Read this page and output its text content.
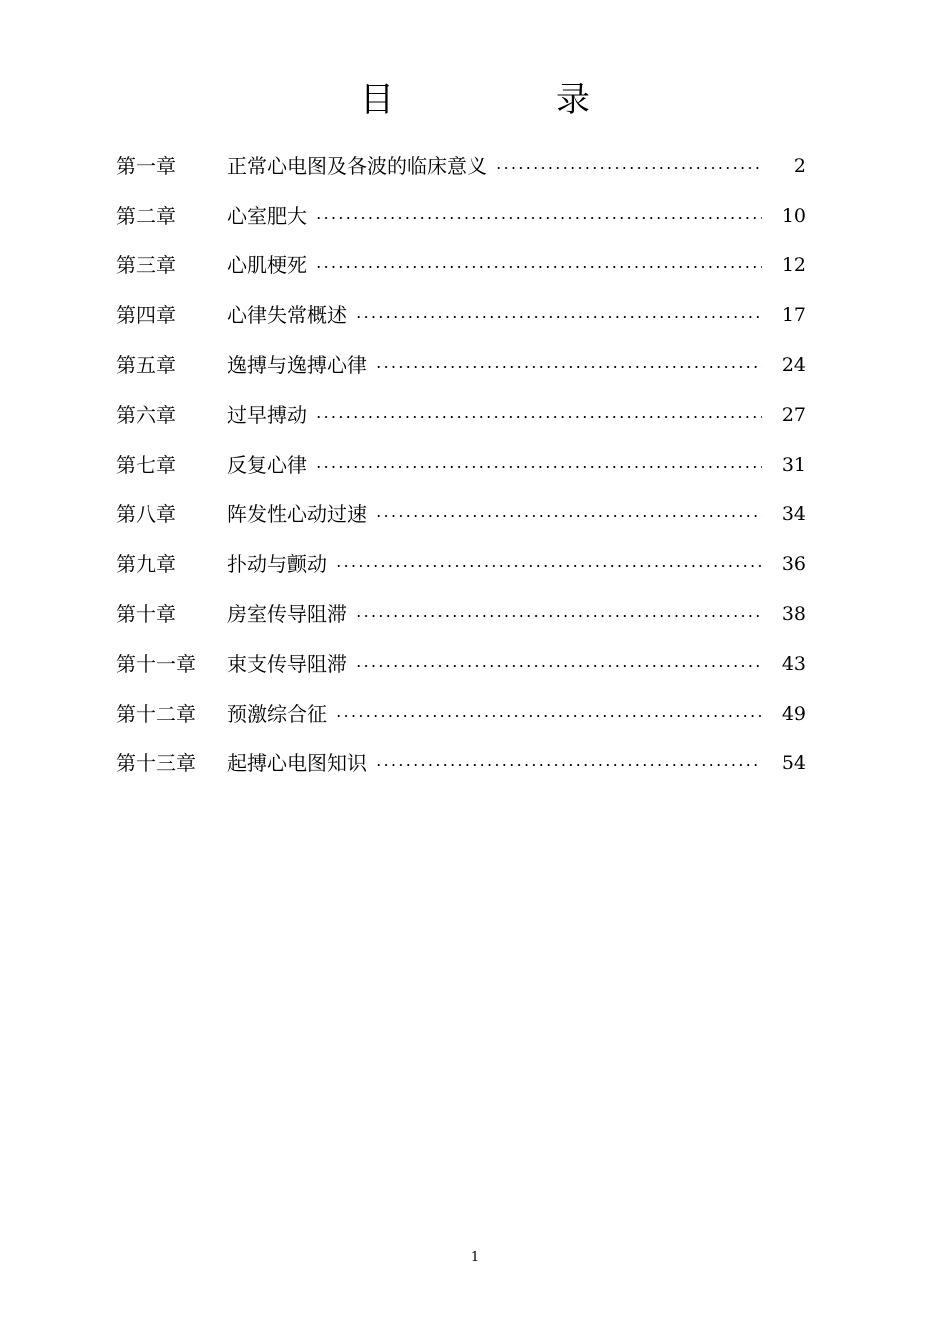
目　录
第一章	正常心电图及各波的临床意义	2
第二章	心室肥大	10
第三章	心肌梗死	12
第四章	心律失常概述	17
第五章	逸搏与逸搏心律	24
第六章	过早搏动	27
第七章	反复心律	31
第八章	阵发性心动过速	34
第九章	扑动与颤动	36
第十章	房室传导阻滞	38
第十一章	束支传导阻滞	43
第十二章	预激综合征	49
第十三章	起搏心电图知识	54
1
